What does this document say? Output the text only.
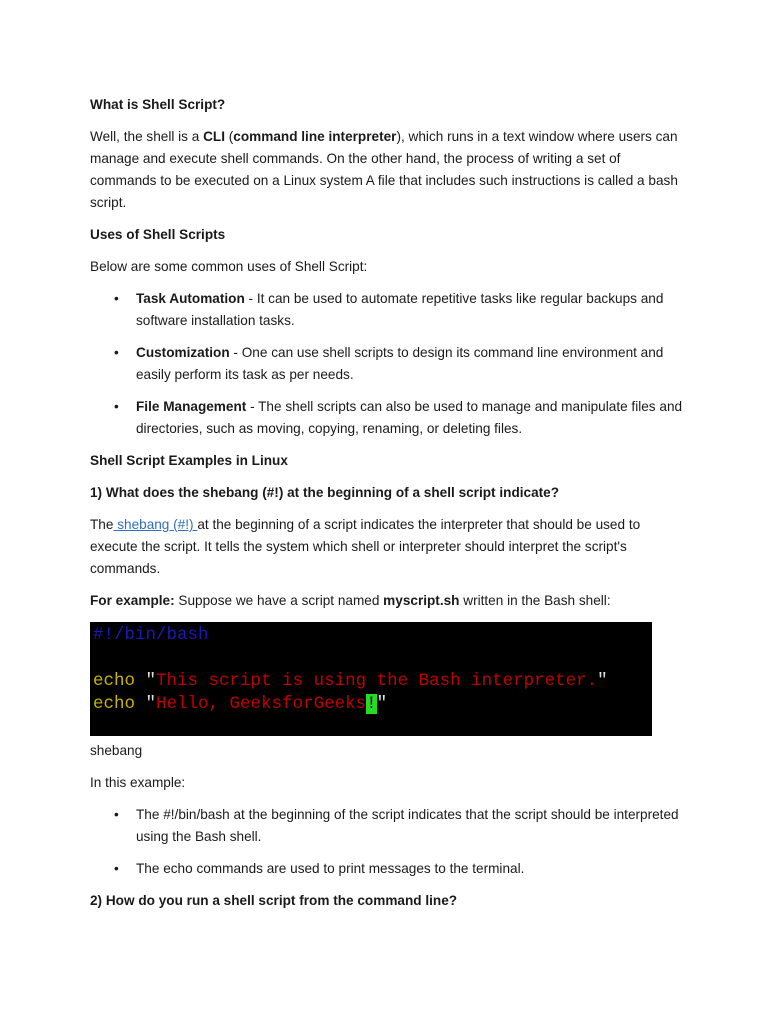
What is Shell Script?

Well, the shell is a CLI (command line interpreter), which runs in a text window where users can manage and execute shell commands. On the other hand, the process of writing a set of commands to be executed on a Linux system A file that includes such instructions is called a bash script.

Uses of Shell Scripts

Below are some common uses of Shell Script:

• Task Automation - It can be used to automate repetitive tasks like regular backups and software installation tasks.
• Customization - One can use shell scripts to design its command line environment and easily perform its task as per needs.
• File Management - The shell scripts can also be used to manage and manipulate files and directories, such as moving, copying, renaming, or deleting files.
Shell Script Examples in Linux
1) What does the shebang (#!) at the beginning of a shell script indicate?

The shebang (#!) at the beginning of a script indicates the interpreter that should be used to execute the script. It tells the system which shell or interpreter should interpret the script's commands.

For example: Suppose we have a script named myscript.sh written in the Bash shell:

#!/bin/bash

echo "This script is using the Bash interpreter."

echo "Hello, GeeksforGeeks!"

shebang

In this example:

• The #!/bin/bash at the beginning of the script indicates that the script should be interpreted using the Bash shell.
• The echo commands are used to print messages to the terminal.
2) How do you run a shell script from the command line?
